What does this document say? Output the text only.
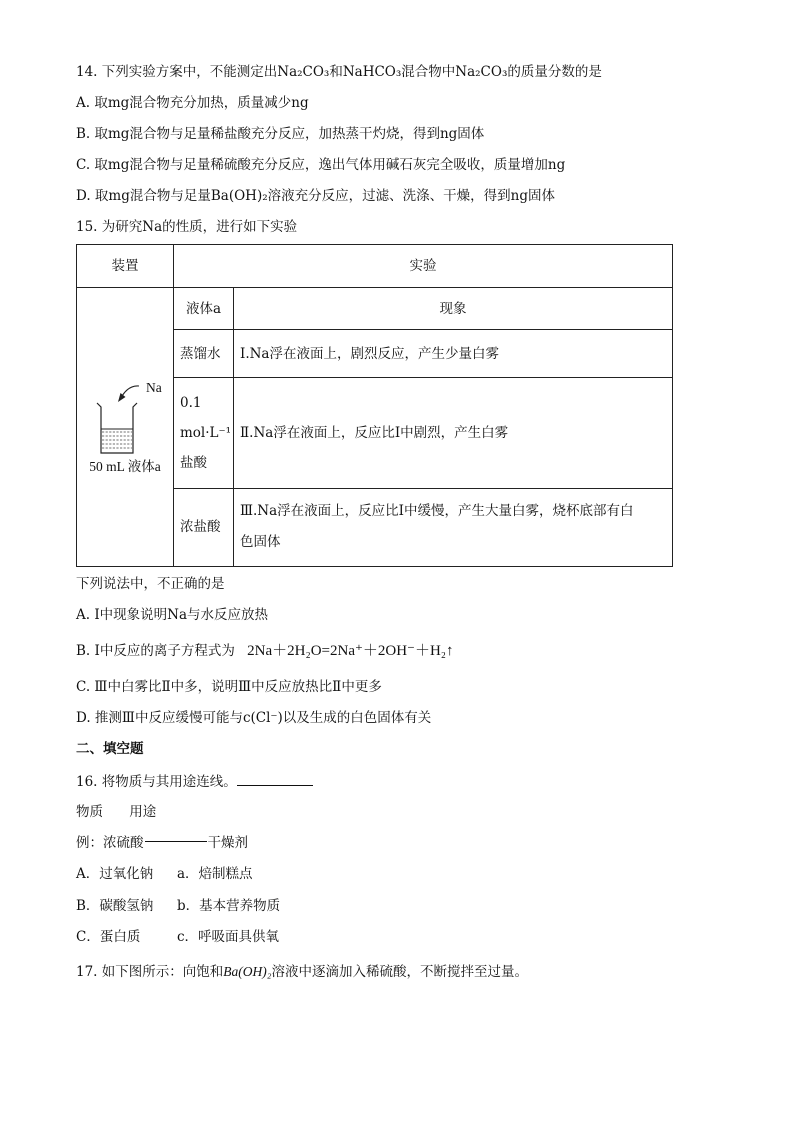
14. 下列实验方案中，不能测定出Na₂CO₃和NaHCO₃混合物中Na₂CO₃的质量分数的是
A. 取mg混合物充分加热，质量减少ng
B. 取mg混合物与足量稀盐酸充分反应，加热蒸干灼烧，得到ng固体
C. 取mg混合物与足量稀硫酸充分反应，逸出气体用碱石灰完全吸收，质量增加ng
D. 取mg混合物与足量Ba(OH)₂溶液充分反应，过滤、洗涤、干燥，得到ng固体
15. 为研究Na的性质，进行如下实验
装置	实验	

Na
50 mL 液体a	液体a	现象
	蒸馏水	Ⅰ.Na浮在液面上，剧烈反应，产生少量白雾

	0.1
mol·L⁻¹
盐酸	Ⅱ.Na浮在液面上，反应比Ⅰ中剧烈，产生白雾
	浓盐酸	Ⅲ.Na浮在液面上，反应比Ⅰ中缓慢，产生大量白雾，烧杯底部有白
色固体
下列说法中，不正确的是
A. Ⅰ中现象说明Na与水反应放热
B. Ⅰ中反应的离子方程式为 2Na＋2H₂O=2Na⁺＋2OH⁻＋H₂↑
C. Ⅲ中白雾比Ⅱ中多，说明Ⅲ中反应放热比Ⅱ中更多
D. 推测Ⅲ中反应缓慢可能与c(Cl⁻)以及生成的白色固体有关
二、填空题
16. 将物质与其用途连线。
物质 用途
例：浓硫酸	干燥剂
A．过氧化钠 a．焙制糕点
B．碳酸氢钠 b．基本营养物质
C．蛋白质	c．呼吸面具供氧
17. 如下图所示：向饱和Ba(OH)₂溶液中逐滴加入稀硫酸，不断搅拌至过量。
